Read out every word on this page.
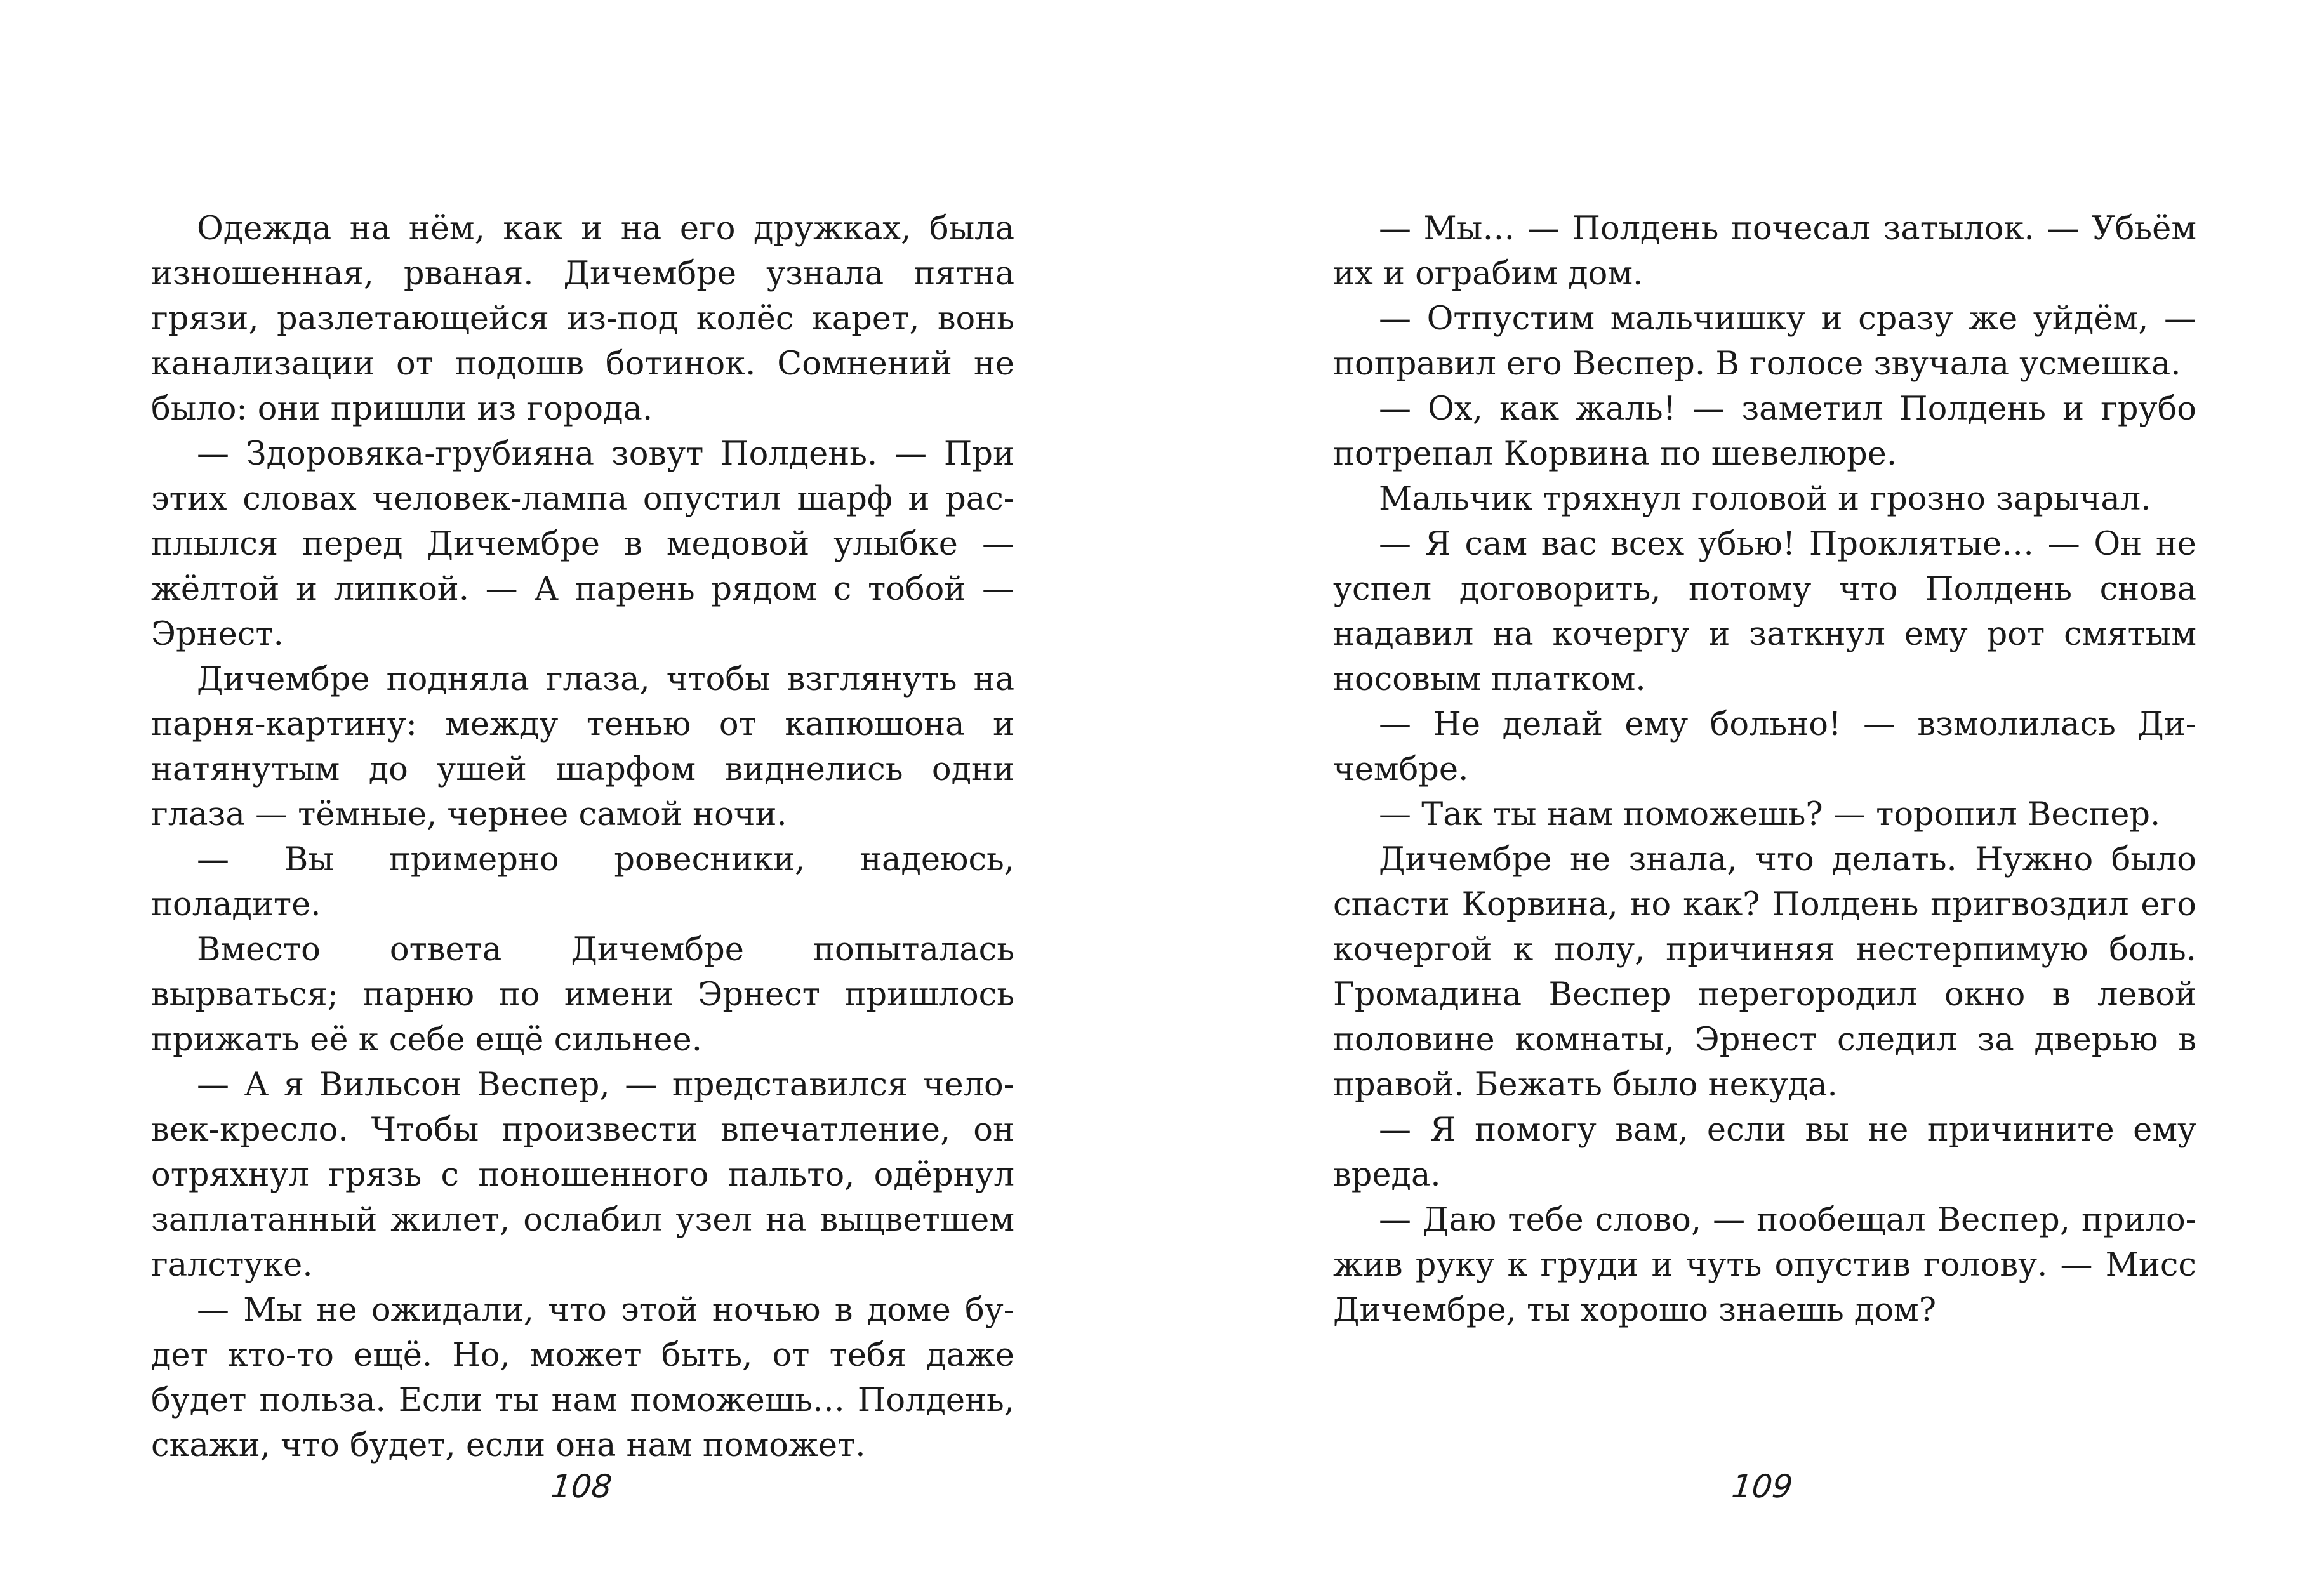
Одежда на нём, как и на его дружках, была изношенная, рваная. Дичембре узнала пятна грязи, разлетающейся из-под колёс карет, вонь канализации от подошв ботинок. Сомнений не было: они пришли из города.

— Здоровяка-грубияна зовут Полдень. — При этих словах человек-лампа опустил шарф и расплылся перед Дичембре в медовой улыбке — жёлтой и липкой. — А парень рядом с тобой — Эрнест.

Дичембре подняла глаза, чтобы взглянуть на парня-картину: между тенью от капюшона и натянутым до ушей шарфом виднелись одни глаза — тёмные, чернее самой ночи.

— Вы примерно ровесники, надеюсь, поладите.

Вместо ответа Дичембре попыталась вырваться; парню по имени Эрнест пришлось прижать её к себе ещё сильнее.

— А я Вильсон Веспер, — представился человек-кресло. Чтобы произвести впечатление, он отряхнул грязь с поношенного пальто, одёрнул заплатанный жилет, ослабил узел на выцветшем галстуке.

— Мы не ожидали, что этой ночью в доме будет кто-то ещё. Но, может быть, от тебя даже будет польза. Если ты нам поможешь… Полдень, скажи, что будет, если она нам поможет.

108

— Мы… — Полдень почесал затылок. — Убьём их и ограбим дом.

— Отпустим мальчишку и сразу же уйдём, — поправил его Веспер. В голосе звучала усмешка.

— Ох, как жаль! — заметил Полдень и грубо потрепал Корвина по шевелюре.

Мальчик тряхнул головой и грозно зарычал.

— Я сам вас всех убью! Проклятые… — Он не успел договорить, потому что Полдень снова надавил на кочергу и заткнул ему рот смятым носовым платком.

— Не делай ему больно! — взмолилась Дичембре.

— Так ты нам поможешь? — торопил Веспер.

Дичембре не знала, что делать. Нужно было спасти Корвина, но как? Полдень пригвоздил его кочергой к полу, причиняя нестерпимую боль. Громадина Веспер перегородил окно в левой половине комнаты, Эрнест следил за дверью в правой. Бежать было некуда.

— Я помогу вам, если вы не причините ему вреда.

— Даю тебе слово, — пообещал Веспер, приложив руку к груди и чуть опустив голову. — Мисс Дичембре, ты хорошо знаешь дом?

109
